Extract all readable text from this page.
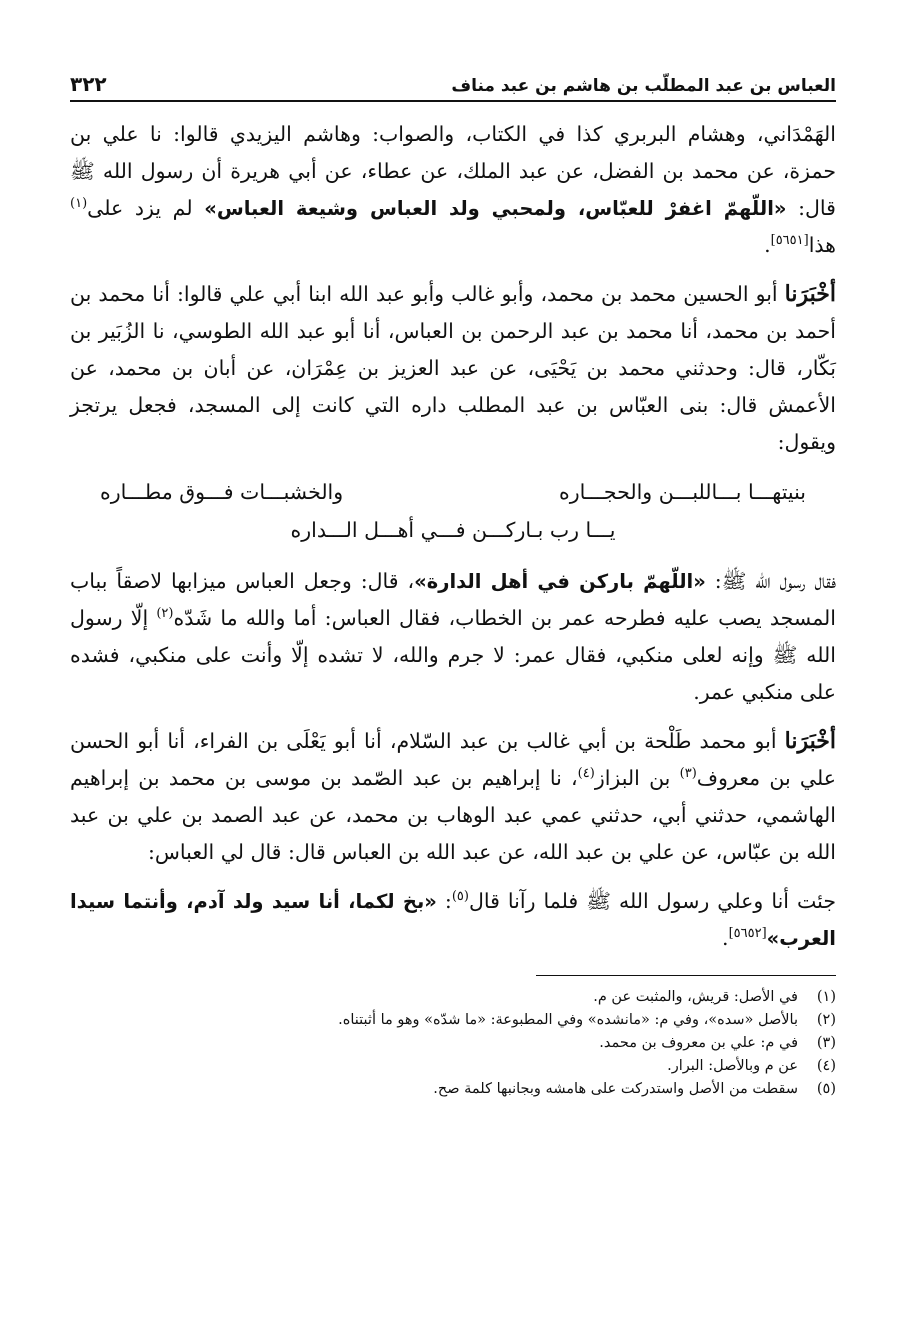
العباس بن عبد المطلّب بن هاشم بن عبد مناف
٣٢٢

الهَمْدَاني، وهشام البربري كذا في الكتاب، والصواب: وهاشم اليزيدي قالوا: نا علي بن حمزة، عن محمد بن الفضل، عن عبد الملك، عن عطاء، عن أبي هريرة أن رسول الله ﷺ قال: «اللّهمّ اغفرْ للعبّاس، ولمحبي ولد العباس وشيعة العباس» لم يزد على$^{(١)}$ هذا[٥٦٥١].

أخْبَرَنا أبو الحسين محمد بن محمد، وأبو غالب وأبو عبد الله ابنا أبي علي قالوا: أنا محمد بن أحمد بن محمد، أنا محمد بن عبد الرحمن بن العباس، أنا أبو عبد الله الطوسي، نا الزُبَير بن بَكّار، قال: وحدثني محمد بن يَحْيَى، عن عبد العزيز بن عِمْرَان، عن أبان بن محمد، عن الأعمش قال: بنى العبّاس بن عبد المطلب داره التي كانت إلى المسجد، فجعل يرتجز ويقول:

بنيتهـــا بـــاللبـــن والحجـــاره
والخشبـــات فـــوق مطـــاره
يـــا رب بـاركـــن فـــي أهـــل الـــداره

فقال رسول الله ﷺ: «اللّهمّ باركن في أهل الدارة»، قال: وجعل العباس ميزابها لاصقاً بباب المسجد يصب عليه فطرحه عمر بن الخطاب، فقال العباس: أما والله ما شَدّه$^{(٢)}$ إلّا رسول الله ﷺ وإنه لعلى منكبي، فقال عمر: لا جرم والله، لا تشده إلّا وأنت على منكبي، فشده على منكبي عمر.

أخْبَرَنا أبو محمد طَلْحة بن أبي غالب بن عبد السّلام، أنا أبو يَعْلَى بن الفراء، أنا أبو الحسن علي بن معروف$^{(٣)}$ بن البزاز$^{(٤)}$، نا إبراهيم بن عبد الصّمد بن موسى بن محمد بن إبراهيم الهاشمي، حدثني أبي، حدثني عمي عبد الوهاب بن محمد، عن عبد الصمد بن علي بن عبد الله بن عبّاس، عن علي بن عبد الله، عن عبد الله بن العباس قال: قال لي العباس:

جئت أنا وعلي رسول الله ﷺ فلما رآنا قال$^{(٥)}$: «بخ لكما، أنا سيد ولد آدم، وأنتما سيدا العرب»[٥٦٥٢].

(١)
في الأصل: قريش، والمثبت عن م.
(٢)
بالأصل «سده»، وفي م: «مانشده» وفي المطبوعة: «ما شدّه» وهو ما أثبتناه.
(٣)
في م: علي بن معروف بن محمد.
(٤)
عن م وبالأصل: البرار.
(٥)
سقطت من الأصل واستدركت على هامشه وبجانبها كلمة صح.
